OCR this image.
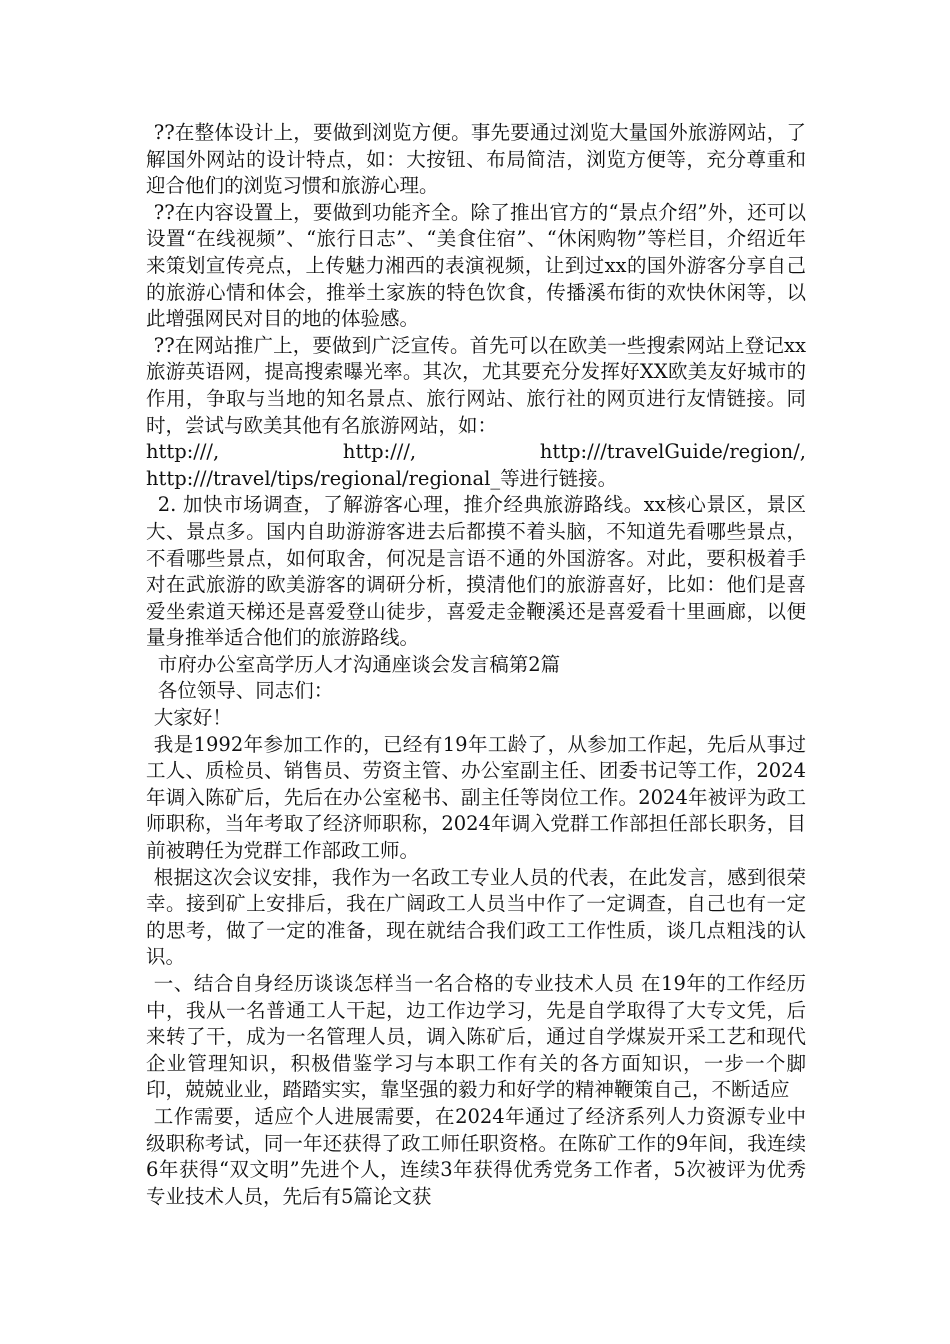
??在整体设计上，要做到浏览方便。事先要通过浏览大量国外旅游网站，了解国外网站的设计特点，如：大按钮、布局简洁，浏览方便等，充分尊重和迎合他们的浏览习惯和旅游心理。

??在内容设置上，要做到功能齐全。除了推出官方的“景点介绍”外，还可以设置“在线视频”、“旅行日志”、“美食住宿”、“休闲购物”等栏目，介绍近年来策划宣传亮点，上传魅力湘西的表演视频，让到过xx的国外游客分享自己的旅游心情和体会，推举土家族的特色饮食，传播溪布街的欢快休闲等，以此增强网民对目的地的体验感。

??在网站推广上，要做到广泛宣传。首先可以在欧美一些搜索网站上登记xx旅游英语网，提高搜索曝光率。其次，尤其要充分发挥好XX欧美友好城市的作用，争取与当地的知名景点、旅行网站、旅行社的网页进行友情链接。同时，尝试与欧美其他有名旅游网站，如：

http:///,	http:///,	http:///travelGuide/region/,

http:///travel/tips/regional/regional_等进行链接。

2. 加快市场调查，了解游客心理，推介经典旅游路线。xx核心景区，景区大、景点多。国内自助游游客进去后都摸不着头脑，不知道先看哪些景点，不看哪些景点，如何取舍，何况是言语不通的外国游客。对此，要积极着手对在武旅游的欧美游客的调研分析，摸清他们的旅游喜好，比如：他们是喜爱坐索道天梯还是喜爱登山徒步，喜爱走金鞭溪还是喜爱看十里画廊，以便量身推举适合他们的旅游路线。

市府办公室高学历人才沟通座谈会发言稿第2篇

各位领导、同志们：

大家好！

我是1992年参加工作的，已经有19年工龄了，从参加工作起，先后从事过工人、质检员、销售员、劳资主管、办公室副主任、团委书记等工作，2024年调入陈矿后，先后在办公室秘书、副主任等岗位工作。2024年被评为政工师职称，当年考取了经济师职称，2024年调入党群工作部担任部长职务，目前被聘任为党群工作部政工师。

根据这次会议安排，我作为一名政工专业人员的代表，在此发言，感到很荣幸。接到矿上安排后，我在广阔政工人员当中作了一定调查，自己也有一定的思考，做了一定的准备，现在就结合我们政工工作性质，谈几点粗浅的认识。

一、结合自身经历谈谈怎样当一名合格的专业技术人员 在19年的工作经历中，我从一名普通工人干起，边工作边学习，先是自学取得了大专文凭，后来转了干，成为一名管理人员，调入陈矿后，通过自学煤炭开采工艺和现代企业管理知识，积极借鉴学习与本职工作有关的各方面知识，一步一个脚印，兢兢业业，踏踏实实，靠坚强的毅力和好学的精神鞭策自己，不断适应

工作需要，适应个人进展需要，在2024年通过了经济系列人力资源专业中级职称考试，同一年还获得了政工师任职资格。在陈矿工作的9年间，我连续6年获得“双文明”先进个人，连续3年获得优秀党务工作者，5次被评为优秀专业技术人员，先后有5篇论文获
